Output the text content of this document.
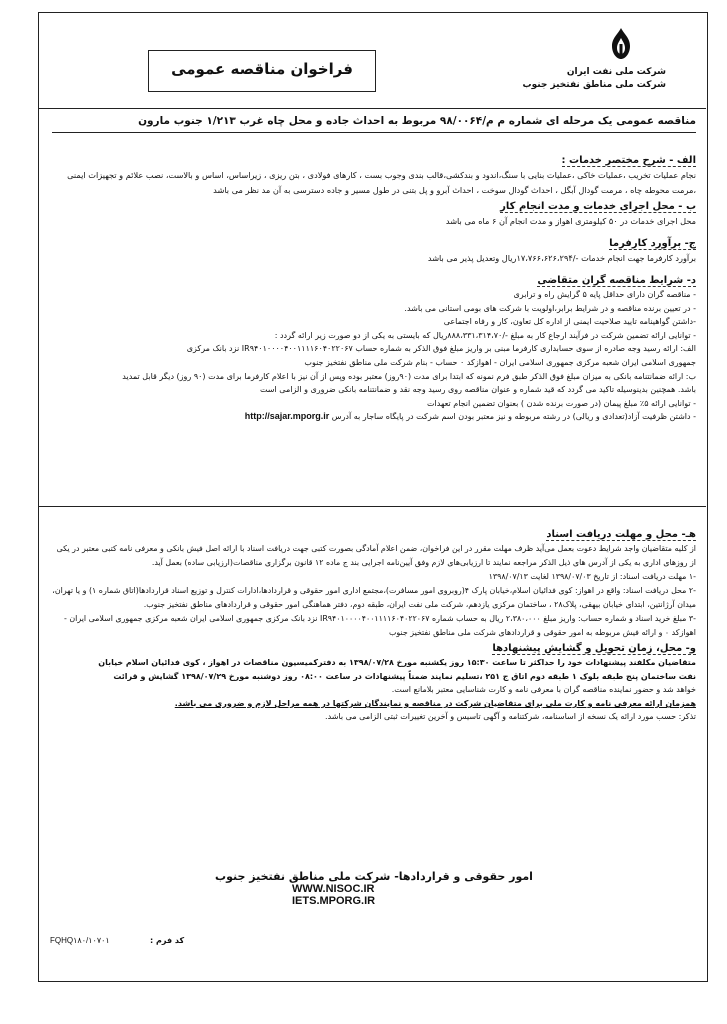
فراخوان مناقصه عمومی	شرکت ملی نفت ایران
شرکت ملی مناطق نفتخیز جنوب
مناقصه عمومی یک مرحله ای شماره م م/۹۸/۰۰۶۴ مربوط به احداث جاده و محل چاه غرب ۱/۲۱۳ جنوب مارون
الف - شرح مختصر خدمات :

نجام عملیات تخریب ،عملیات خاکی ،عملیات بنایی با سنگ،اندود و بندکشی،قالب بندی وجوب بست ، کارهای فولادی ، بتن ریزی ، زیراساس، اساس و بالاست، نصب علائم و تجهیزات ایمنی ،مرمت محوطه چاه ، مرمت گودال آبگل ، احداث گودال سوخت ، احداث آبرو و پل بتنی در طول مسیر و جاده دسترسی به آن مد نظر می باشد

ب - محل اجرای خدمات و مدت انجام کار

محل اجرای خدمات در ۵۰ کیلومتری اهواز و مدت انجام آن ۶ ماه می باشد

ج- برآورد کارفرما

برآورد کارفرما جهت انجام خدمات -/۱۷،۷۶۶،۶۲۶،۲۹۴ریال وتعدیل پذیر می باشد

د- شرایط مناقصه گران متقاضی

- مناقصه گران دارای حداقل پایه ۵ گرایش راه و ترابری

- در تعیین برنده مناقصه و در شرایط برابر،اولویت با شرکت های بومی استانی می باشد.

-داشتن گواهینامه تایید صلاحیت ایمنی از اداره کل تعاون، کار و رفاه اجتماعی

- توانایی ارائه تضمین شرکت در فرآیند ارجاع کار به مبلغ -/۸۸۸،۳۳۱،۳۱۴،۷۰ریال که بایستی به یکی از دو صورت زیر ارائه گردد :

الف: ارائه رسید وجه صادره از سوی حسابداری کارفرما مبنی بر واریز مبلغ فوق الذکر به شماره حساب IR۹۴۰۱۰۰۰۰۴۰۰۱۱۱۱۶۰۴۰۲۲۰۶۷ نزد بانک مرکزی

جمهوری اسلامی ایران شعبه مرکزی جمهوری اسلامی ایران - اهوازکد ۰ حساب - بنام شرکت ملی مناطق نفتخیز جنوب

ب: ارائه ضمانتنامه بانکی به میزان مبلغ فوق الذکر طبق فرم نمونه که ابتدا برای مدت (۹۰روز) معتبر بوده وپس از آن نیز با اعلام کارفرما برای مدت (۹۰ روز) دیگر قابل تمدید

باشد. همچنین بدینوسیله تاکید می گردد که قید شماره و عنوان مناقصه روی رسید وجه نقد و ضمانتنامه بانکی ضروری و الزامی است

- توانایی ارائه ۵٪ مبلغ پیمان (در صورت برنده شدن ) بعنوان تضمین انجام تعهدات

- داشتن ظرفیت آزاد(تعدادی و ریالی) در رشته مربوطه و نیز معتبر بودن اسم شرکت در پایگاه ساجار به آدرس http://sajar.mporg.ir

هـ- محل و مهلت دریافت اسناد

از کلیه متقاضیان واجد شرایط دعوت بعمل می‌آید ظرف مهلت مقرر در این فراخوان، ضمن اعلام آمادگی بصورت کتبی جهت دریافت اسناد با ارائه اصل فیش بانکی و معرفی نامه کتبی معتبر در یکی از روزهای اداری به یکی از آدرس های ذیل الذکر مراجعه نمایند تا ارزیابی‌های لازم وفق آیین‌نامه اجرایی بند ج ماده ۱۲ قانون برگزاری مناقصات(ارزیابی ساده) بعمل آید.

-۱ مهلت دریافت اسناد: از تاریخ ۱۳۹۸/۰۷/۰۳ لغایت ۱۳۹۸/۰۷/۱۳

-۲ محل دریافت اسناد: واقع در اهواز: کوی فدائیان اسلام،خیابان پارک ۴(روبروی امور مسافرت)،مجتمع اداری امور حقوقی و قراردادها،ادارات کنترل و توزیع اسناد قراردادها(اتاق شماره ۱) و یا تهران، میدان آرژانتین، ابتدای خیابان بیهقی، پلاک۲۸ ، ساختمان مرکزی یازدهم، شرکت ملی نفت ایران، طبقه دوم، دفتر هماهنگی امور حقوقی و قراردادهای مناطق نفتخیز جنوب.

-۳ مبلغ خرید اسناد و شماره حساب: واریز مبلغ ۲،۳۸۰،۰۰۰ ریال به حساب شماره IR۹۴۰۱۰۰۰۰۴۰۰۱۱۱۱۶۰۴۰۲۲۰۶۷ نزد بانک مرکزی جمهوری اسلامی ایران شعبه مرکزی جمهوری اسلامی ایران - اهوازکد ۰ و ارائه فیش مربوطه به امور حقوقی و قراردادهای شرکت ملی مناطق نفتخیز جنوب

و- محل، زمان تحویل و گشایش پیشنهادها

متقاضیان مکلفند پیشنهادات خود را حداکثر تا ساعت ۱۵:۳۰ روز یکشنبه مورخ ۱۳۹۸/۰۷/۲۸ به دفترکمیسیون مناقصات در اهواز ، کوی فدائیان اسلام خیابان

نفت ساختمان پنج طبقه بلوک ۱ طبقه دوم اتاق ج ۲۵۱ ،تسلیم نمایند ضمناً پیشنهادات در ساعت ۰۸:۰۰ روز دوشنبه مورخ ۱۳۹۸/۰۷/۲۹ گشایش و قرائت

خواهد شد و حضور نماینده مناقصه گران با معرفی نامه و کارت شناسایی معتبر بلامانع است.

همزمان ارائه معرفی نامه و کارت ملی برای متقاضیان شرکت در مناقصه و نمایندگان شرکتها در همه مراحل لازم و ضروری می باشد.

تذکر: حسب مورد ارائه یک نسخه از اساسنامه، شرکتنامه و آگهی تاسیس و آخرین تغییرات ثبتی الزامی می باشد.

امور حقوقی و قراردادها- شرکت ملی مناطق نفتخیز جنوب
WWW.NISOC.IR
IETS.MPORG.IR
FQHQ۱۸۰/۱۰۷۰۱	کد فرم :
